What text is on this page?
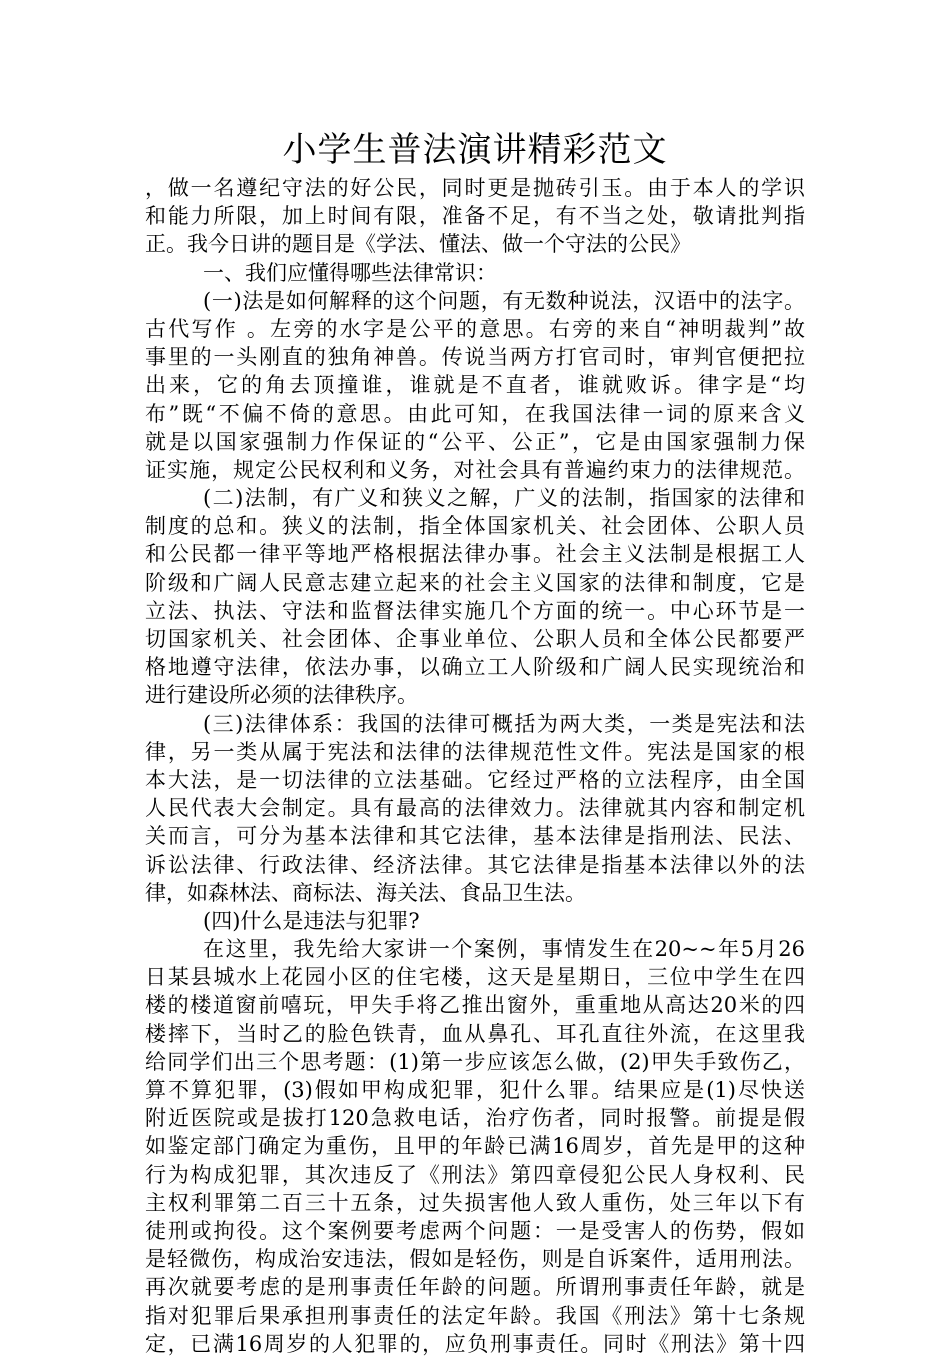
小学生普法演讲精彩范文
，做一名遵纪守法的好公民，同时更是抛砖引玉。由于本人的学识
和能力所限，加上时间有限，准备不足，有不当之处，敬请批判指
正。我今日讲的题目是《学法、懂法、做一个守法的公民》
一、我们应懂得哪些法律常识：
(一)法是如何解释的这个问题，有无数种说法，汉语中的法字。
古代写作 。左旁的水字是公平的意思。右旁的来自“神明裁判”故
事里的一头刚直的独角神兽。传说当两方打官司时，审判官便把拉
出来，它的角去顶撞谁，谁就是不直者，谁就败诉。律字是“均
布”既“不偏不倚的意思。由此可知，在我国法律一词的原来含义
就是以国家强制力作保证的“公平、公正”，它是由国家强制力保
证实施，规定公民权利和义务，对社会具有普遍约束力的法律规范。
(二)法制，有广义和狭义之解，广义的法制，指国家的法律和
制度的总和。狭义的法制，指全体国家机关、社会团体、公职人员
和公民都一律平等地严格根据法律办事。社会主义法制是根据工人
阶级和广阔人民意志建立起来的社会主义国家的法律和制度，它是
立法、执法、守法和监督法律实施几个方面的统一。中心环节是一
切国家机关、社会团体、企事业单位、公职人员和全体公民都要严
格地遵守法律，依法办事，以确立工人阶级和广阔人民实现统治和
进行建设所必须的法律秩序。
(三)法律体系：我国的法律可概括为两大类，一类是宪法和法
律，另一类从属于宪法和法律的法律规范性文件。宪法是国家的根
本大法，是一切法律的立法基础。它经过严格的立法程序，由全国
人民代表大会制定。具有最高的法律效力。法律就其内容和制定机
关而言，可分为基本法律和其它法律，基本法律是指刑法、民法、
诉讼法律、行政法律、经济法律。其它法律是指基本法律以外的法
律，如森林法、商标法、海关法、食品卫生法。
(四)什么是违法与犯罪?
在这里，我先给大家讲一个案例，事情发生在20~~年5月26
日某县城水上花园小区的住宅楼，这天是星期日，三位中学生在四
楼的楼道窗前嘻玩，甲失手将乙推出窗外，重重地从高达20米的四
楼摔下，当时乙的脸色铁青，血从鼻孔、耳孔直往外流，在这里我
给同学们出三个思考题：(1)第一步应该怎么做，(2)甲失手致伤乙，
算不算犯罪，(3)假如甲构成犯罪，犯什么罪。结果应是(1)尽快送
附近医院或是拔打120急救电话，治疗伤者，同时报警。前提是假
如鉴定部门确定为重伤，且甲的年龄已满16周岁，首先是甲的这种
行为构成犯罪，其次违反了《刑法》第四章侵犯公民人身权利、民
主权利罪第二百三十五条，过失损害他人致人重伤，处三年以下有
徒刑或拘役。这个案例要考虑两个问题：一是受害人的伤势，假如
是轻微伤，构成治安违法，假如是轻伤，则是自诉案件，适用刑法。
再次就要考虑的是刑事责任年龄的问题。所谓刑事责任年龄，就是
指对犯罪后果承担刑事责任的法定年龄。我国《刑法》第十七条规
定，已满16周岁的人犯罪的，应负刑事责任。同时《刑法》第十四
